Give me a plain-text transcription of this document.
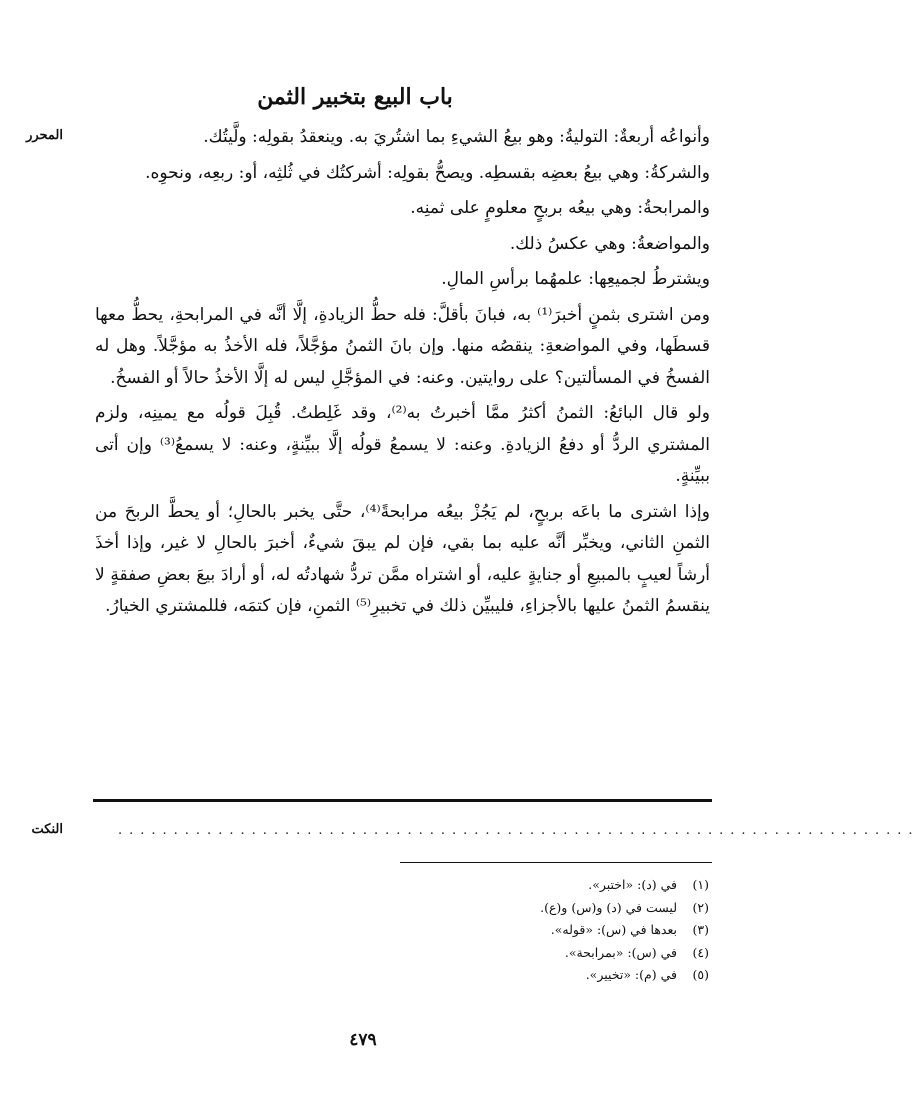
باب البيع بتخبير الثمن
المحرر
النكت

وأنواعُه أربعةٌ: التوليةُ: وهو بيعُ الشيءِ بما اشتُريَ به. وينعقدُ بقولِه: ولَّيتُك.

والشركةُ: وهي بيعُ بعضِه بقسطِه. ويصحُّ بقولِه: أشركتُك في ثُلثِه، أو: ربعِه، ونحوِه.

والمرابحةُ: وهي بيعُه بربحٍ معلومٍ على ثمنِه.

والمواضعةُ: وهي عكسُ ذلك.

ويشترطُ لجميعِها: علمهُما برأسِ المالِ.

ومن اشترى بثمنٍ أخبرَ⁽¹⁾ به، فبانَ بأقلَّ: فله حطُّ الزيادةِ، إلَّا أنَّه في المرابحةِ، يحطُّ معها قسطَها، وفي المواضعةِ: ينقصُه منها. وإن بانَ الثمنُ مؤجَّلاً، فله الأخذُ به مؤجَّلاً. وهل له الفسخُ في المسألتين؟ على روايتين. وعنه: في المؤجَّلِ ليس له إلَّا الأخذُ حالاً أو الفسخُ.

ولو قال البائعُ: الثمنُ أكثرُ ممَّا أخبرتُ به⁽²⁾، وقد غَلِطتُ. قُبِلَ قولُه مع يمينِه، ولزم المشتري الردُّ أو دفعُ الزيادةِ. وعنه: لا يسمعُ قولُه إلَّا ببيِّنةٍ، وعنه: لا يسمعُ⁽³⁾ وإن أتى ببيِّنةٍ.

وإذا اشترى ما باعَه بربحٍ، لم يَجُزْ بيعُه مرابحةً⁽⁴⁾، حتَّى يخبر بالحالِ؛ أو يحطَّ الربحَ من الثمنِ الثاني، ويخبِّر أنَّه عليه بما بقي، فإن لم يبقَ شيءٌ، أخبرَ بالحالِ لا غير، وإذا أخذَ أرشاً لعيبٍ بالمبيعِ أو جنايةٍ عليه، أو اشتراه ممَّن تردُّ شهادتُه له، أو أرادَ بيعَ بعضِ صفقةٍ لا ينقسمُ الثمنُ عليها بالأجزاءِ، فليبيِّن ذلك في تخبيرِ⁽⁵⁾ الثمنِ، فإن كتمَه، فللمشتري الخيارُ.

........................................................................
(١) في (د): «اختبر».
(٢) ليست في (د) و(س) و(ع).
(٣) بعدها في (س): «قوله».
(٤) في (س): «بمرابحة».
(٥) في (م): «تخيير».
٤٧٩
